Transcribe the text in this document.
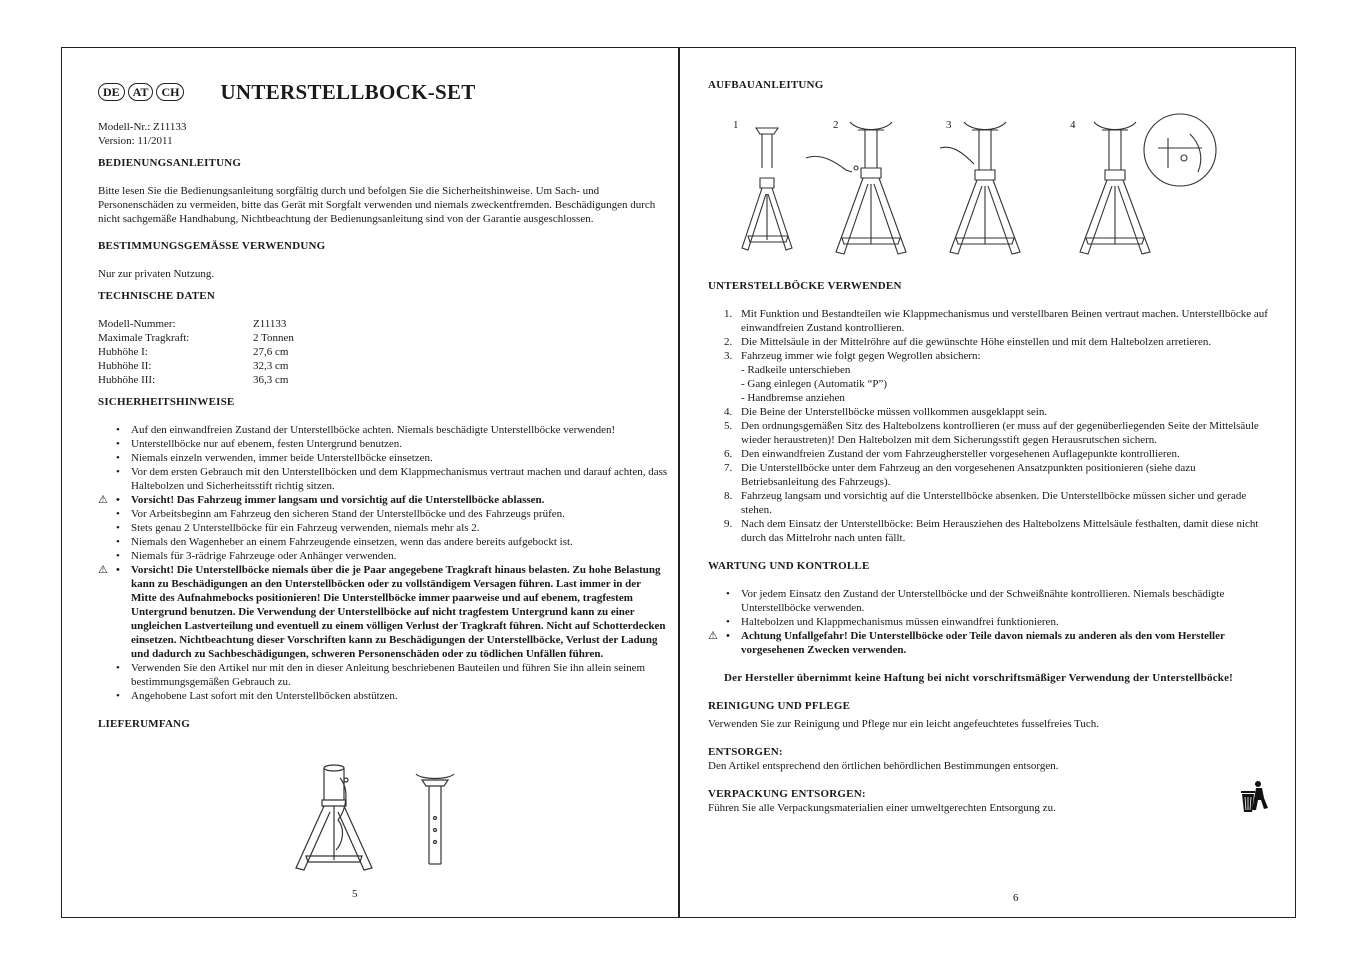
DE	AT	CH UNTERSTELLBOCK-SET

Modell-Nr.: Z11133

Version: 11/2011

BEDIENUNGSANLEITUNG

Bitte lesen Sie die Bedienungsanleitung sorgfältig durch und befolgen Sie die Sicherheitshinweise. Um Sach- und Personenschäden zu vermeiden, bitte das Gerät mit Sorgfalt verwenden und niemals zweckentfremden. Beschädigungen durch nicht sachgemäße Handhabung, Nichtbeachtung der Bedienungsanleitung sind von der Garantie ausgeschlossen.

BESTIMMUNGSGEMÄSSE VERWENDUNG

Nur zur privaten Nutzung.

TECHNISCHE DATEN

Modell-Nummer:	Z11133
Maximale Tragkraft:	2 Tonnen
Hubhöhe I:	27,6 cm
Hubhöhe II:	32,3 cm
Hubhöhe III:	36,3 cm

SICHERHEITSHINWEISE

• Auf den einwandfreien Zustand der Unterstellböcke achten. Niemals beschädigte Unterstellböcke verwenden!
• Unterstellböcke nur auf ebenem, festen Untergrund benutzen.
• Niemals einzeln verwenden, immer beide Unterstellböcke einsetzen.
• Vor dem ersten Gebrauch mit den Unterstellböcken und dem Klappmechanismus vertraut machen und darauf achten, dass Haltebolzen und Sicherheitsstift richtig sitzen.
• ⚠ Vorsicht! Das Fahrzeug immer langsam und vorsichtig auf die Unterstellböcke ablassen.
• Vor Arbeitsbeginn am Fahrzeug den sicheren Stand der Unterstellböcke und des Fahrzeugs prüfen.
• Stets genau 2 Unterstellböcke für ein Fahrzeug verwenden, niemals mehr als 2.
• Niemals den Wagenheber an einem Fahrzeugende einsetzen, wenn das andere bereits aufgebockt ist.
• Niemals für 3-rädrige Fahrzeuge oder Anhänger verwenden.
• ⚠ Vorsicht! Die Unterstellböcke niemals über die je Paar angegebene Tragkraft hinaus belasten. Zu hohe Belastung kann zu Beschädigungen an den Unterstellböcken oder zu vollständigem Versagen führen. Last immer in der Mitte des Aufnahmebocks positionieren! Die Unterstellböcke immer paarweise und auf ebenem, tragfestem Untergrund benutzen. Die Verwendung der Unterstellböcke auf nicht tragfestem Untergrund kann zu einer ungleichen Lastverteilung und eventuell zu einem völligen Verlust der Tragkraft führen. Nicht auf Schotterdecken einsetzen. Nichtbeachtung dieser Vorschriften kann zu Beschädigungen der Unterstellböcke, Verlust der Ladung und dadurch zu Sachbeschädigungen, schweren Personenschäden oder zu tödlichen Unfällen führen.
• Verwenden Sie den Artikel nur mit den in dieser Anleitung beschriebenen Bauteilen und führen Sie ihn allein seinem bestimmungsgemäßen Gebrauch zu.
• Angehobene Last sofort mit den Unterstellböcken abstützen.

LIEFERUMFANG

5

AUFBAUANLEITUNG

1	2	3	4

UNTERSTELLBÖCKE VERWENDEN

1. Mit Funktion und Bestandteilen wie Klappmechanismus und verstellbaren Beinen vertraut machen. Unterstellböcke auf einwandfreien Zustand kontrollieren.
2. Die Mittelsäule in der Mittelröhre auf die gewünschte Höhe einstellen und mit dem Haltebolzen arretieren.
3. Fahrzeug immer wie folgt gegen Wegrollen absichern:
- Radkeile unterschieben
- Gang einlegen (Automatik “P”)
- Handbremse anziehen
4. Die Beine der Unterstellböcke müssen vollkommen ausgeklappt sein.
5. Den ordnungsgemäßen Sitz des Haltebolzens kontrollieren (er muss auf der gegenüberliegenden Seite der Mittelsäule wieder heraustreten)! Den Haltebolzen mit dem Sicherungsstift gegen Herausrutschen sichern.
6. Den einwandfreien Zustand der vom Fahrzeughersteller vorgesehenen Auflagepunkte kontrollieren.
7. Die Unterstellböcke unter dem Fahrzeug an den vorgesehenen Ansatzpunkten positionieren (siehe dazu Betriebsanleitung des Fahrzeugs).
8. Fahrzeug langsam und vorsichtig auf die Unterstellböcke absenken. Die Unterstellböcke müssen sicher und gerade stehen.
9. Nach dem Einsatz der Unterstellböcke: Beim Herausziehen des Haltebolzens Mittelsäule festhalten, damit diese nicht durch das Mittelrohr nach unten fällt.

WARTUNG UND KONTROLLE

• Vor jedem Einsatz den Zustand der Unterstellböcke und der Schweißnähte kontrollieren. Niemals beschädigte Unterstellböcke verwenden.
• Haltebolzen und Klappmechanismus müssen einwandfrei funktionieren.
• ⚠ Achtung Unfallgefahr! Die Unterstellböcke oder Teile davon niemals zu anderen als den vom Hersteller vorgesehenen Zwecken verwenden.

Der Hersteller übernimmt keine Haftung bei nicht vorschriftsmäßiger Verwendung der Unterstellböcke!

REINIGUNG UND PFLEGE

Verwenden Sie zur Reinigung und Pflege nur ein leicht angefeuchtetes fusselfreies Tuch.

ENTSORGEN:

Den Artikel entsprechend den örtlichen behördlichen Bestimmungen entsorgen.

VERPACKUNG ENTSORGEN:

Führen Sie alle Verpackungsmaterialien einer umweltgerechten Entsorgung zu.

6
